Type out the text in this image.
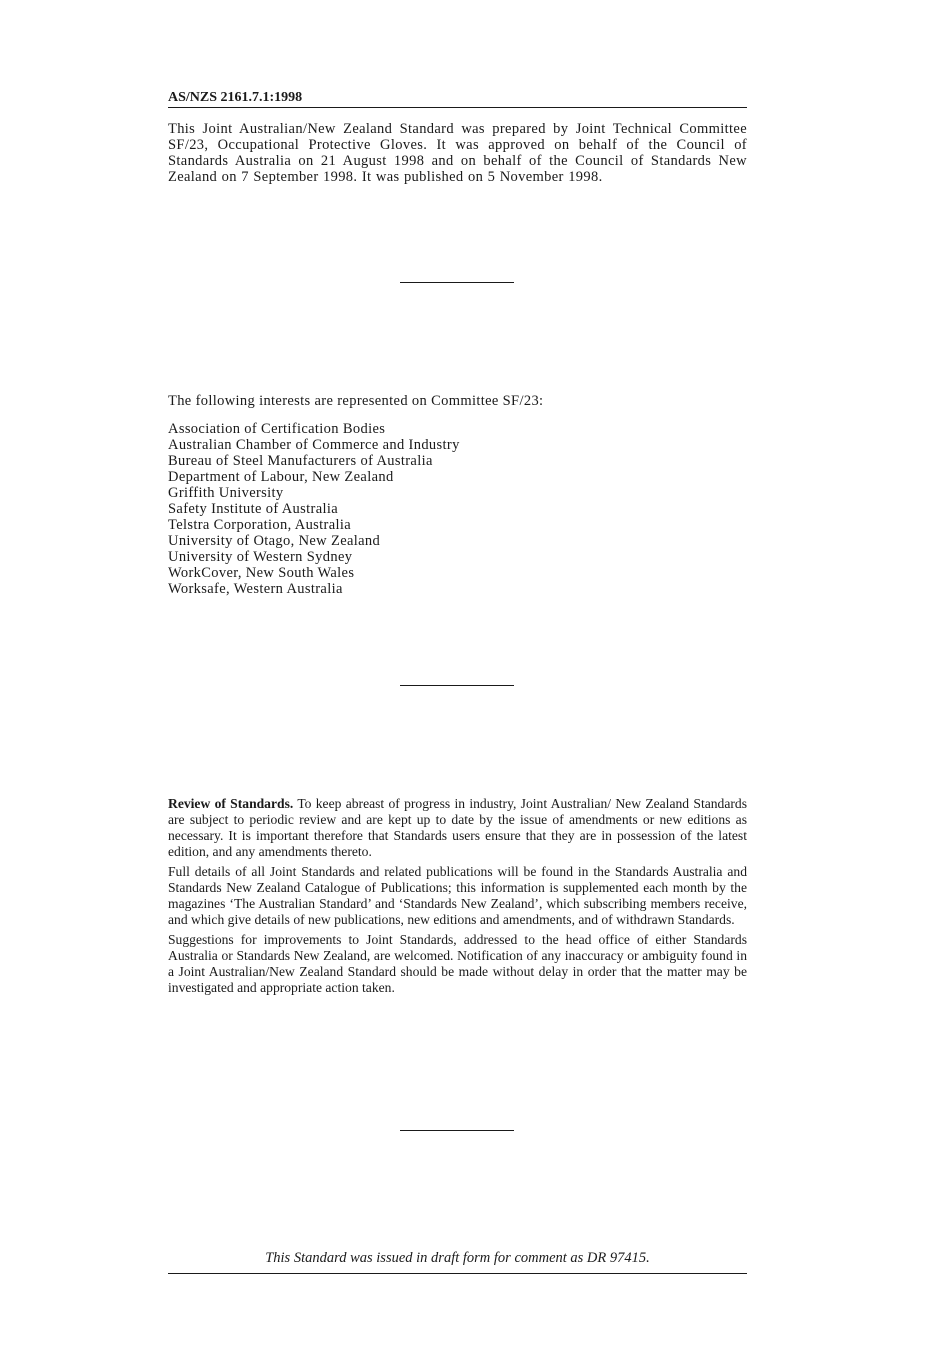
AS/NZS 2161.7.1:1998

This Joint Australian/New Zealand Standard was prepared by Joint Technical Committee SF/23, Occupational Protective Gloves. It was approved on behalf of the Council of Standards Australia on 21 August 1998 and on behalf of the Council of Standards New Zealand on 7 September 1998. It was published on 5 November 1998.

The following interests are represented on Committee SF/23:

Association of Certification Bodies
Australian Chamber of Commerce and Industry
Bureau of Steel Manufacturers of Australia
Department of Labour, New Zealand
Griffith University
Safety Institute of Australia
Telstra Corporation, Australia
University of Otago, New Zealand
University of Western Sydney
WorkCover, New South Wales
Worksafe, Western Australia

Review of Standards. To keep abreast of progress in industry, Joint Australian/ New Zealand Standards are subject to periodic review and are kept up to date by the issue of amendments or new editions as necessary. It is important therefore that Standards users ensure that they are in possession of the latest edition, and any amendments thereto.

Full details of all Joint Standards and related publications will be found in the Standards Australia and Standards New Zealand Catalogue of Publications; this information is supplemented each month by the magazines ‘The Australian Standard’ and ‘Standards New Zealand’, which subscribing members receive, and which give details of new publications, new editions and amendments, and of withdrawn Standards.

Suggestions for improvements to Joint Standards, addressed to the head office of either Standards Australia or Standards New Zealand, are welcomed. Notification of any inaccuracy or ambiguity found in a Joint Australian/New Zealand Standard should be made without delay in order that the matter may be investigated and appropriate action taken.

This Standard was issued in draft form for comment as DR 97415.
